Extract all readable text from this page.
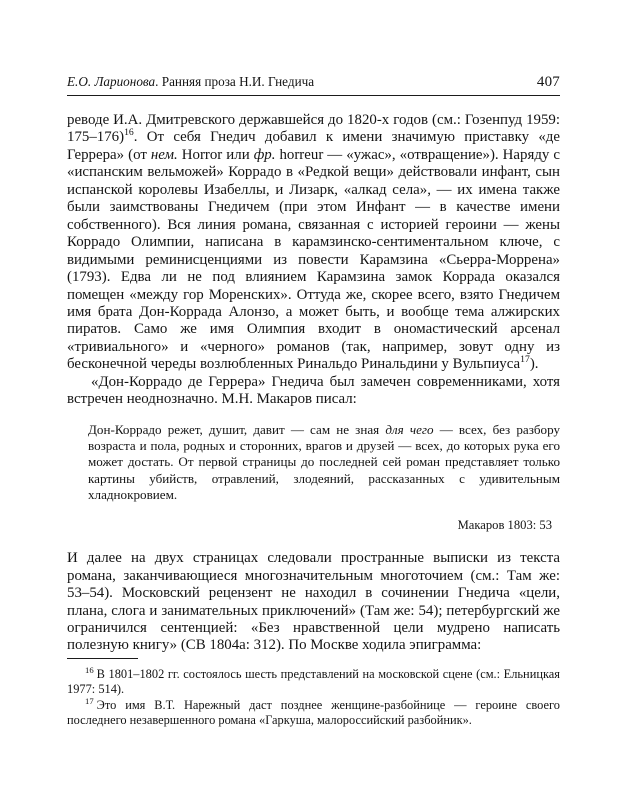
Е.О. Ларионова. Ранняя проза Н.И. Гнедича	407

реводе И.А. Дмитревского державшейся до 1820-х годов (см.: Гозенпуд 1959: 175–176)$^{16}$. От себя Гнедич добавил к имени значимую приставку «де Геррера» (от нем. Horror или фр. horreur — «ужас», «отвращение»). Наряду с «испанским вельможей» Коррадо в «Редкой вещи» действовали инфант, сын испанской королевы Изабеллы, и Лизарк, «алкад села», — их имена также были заимствованы Гнедичем (при этом Инфант — в качестве имени собственного). Вся линия романа, связанная с историей героини — жены Коррадо Олимпии, написана в карамзинско-сентиментальном ключе, с видимыми реминисценциями из повести Карамзина «Сьерра-Моррена» (1793). Едва ли не под влиянием Карамзина замок Коррада оказался помещен «между гор Моренских». Оттуда же, скорее всего, взято Гнедичем имя брата Дон-Коррада Алонзо, а может быть, и вообще тема алжирских пиратов. Само же имя Олимпия входит в ономастический арсенал «тривиального» и «черного» романов (так, например, зовут одну из бесконечной череды возлюбленных Ринальдо Ринальдини у Вульпиуса$^{17}$).

«Дон-Коррадо де Геррера» Гнедича был замечен современниками, хотя встречен неоднозначно. М.Н. Макаров писал:

Дон-Коррадо режет, душит, давит — сам не зная для чего — всех, без разбору возраста и пола, родных и сторонних, врагов и друзей — всех, до которых рука его может достать. От первой страницы до последней сей роман представляет только картины убийств, отравлений, злодеяний, рассказанных с удивительным хладнокровием.

Макаров 1803: 53

И далее на двух страницах следовали пространные выписки из текста романа, заканчивающиеся многозначительным многоточием (см.: Там же: 53–54). Московский рецензент не находил в сочинении Гнедича «цели, плана, слога и занимательных приключений» (Там же: 54); петербургский же ограничился сентенцией: «Без нравственной цели мудрено написать полезную книгу» (СВ 1804а: 312). По Москве ходила эпиграмма:

$^{16}$ В 1801–1802 гг. состоялось шесть представлений на московской сцене (см.: Ельницкая 1977: 514).

$^{17}$ Это имя В.Т. Нарежный даст позднее женщине-разбойнице — героине своего последнего незавершенного романа «Гаркуша, малороссийский разбойник».
